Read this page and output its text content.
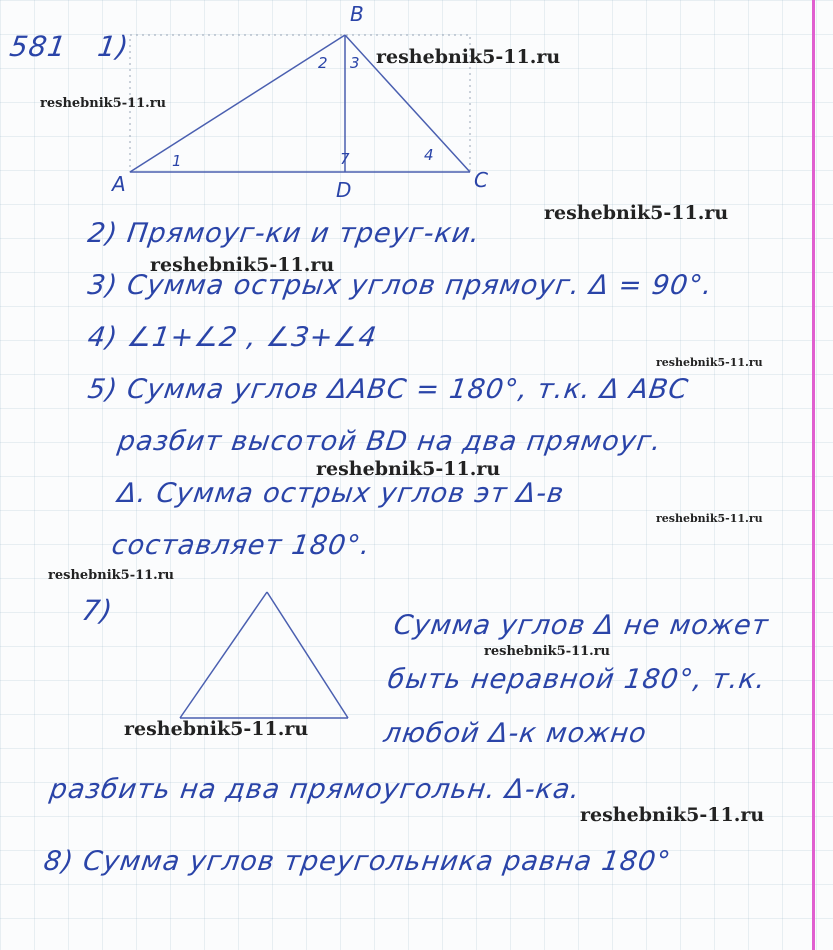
581 1)
B
A	C
D
1
2 3
4
7
2) Прямоуг-ки и треуг-ки.
3) Сумма острых углов прямоуг. Δ = 90°.
4) ∠1+∠2 , ∠3+∠4
5) Сумма углов ΔABC = 180°, т.к. Δ ABC
разбит высотой BD на два прямоуг.
Δ. Сумма острых углов эт Δ-в
составляет 180°.
7)	Сумма углов Δ не может
быть неравной 180°, т.к.
любой Δ-к можно
разбить на два прямоугольн. Δ-ка.
8) Сумма углов треугольника равна 180°
reshebnik5-11.ru
reshebnik5-11.ru
reshebnik5-11.ru
reshebnik5-11.ru
reshebnik5-11.ru
reshebnik5-11.ru
reshebnik5-11.ru
reshebnik5-11.ru
reshebnik5-11.ru
reshebnik5-11.ru
reshebnik5-11.ru
